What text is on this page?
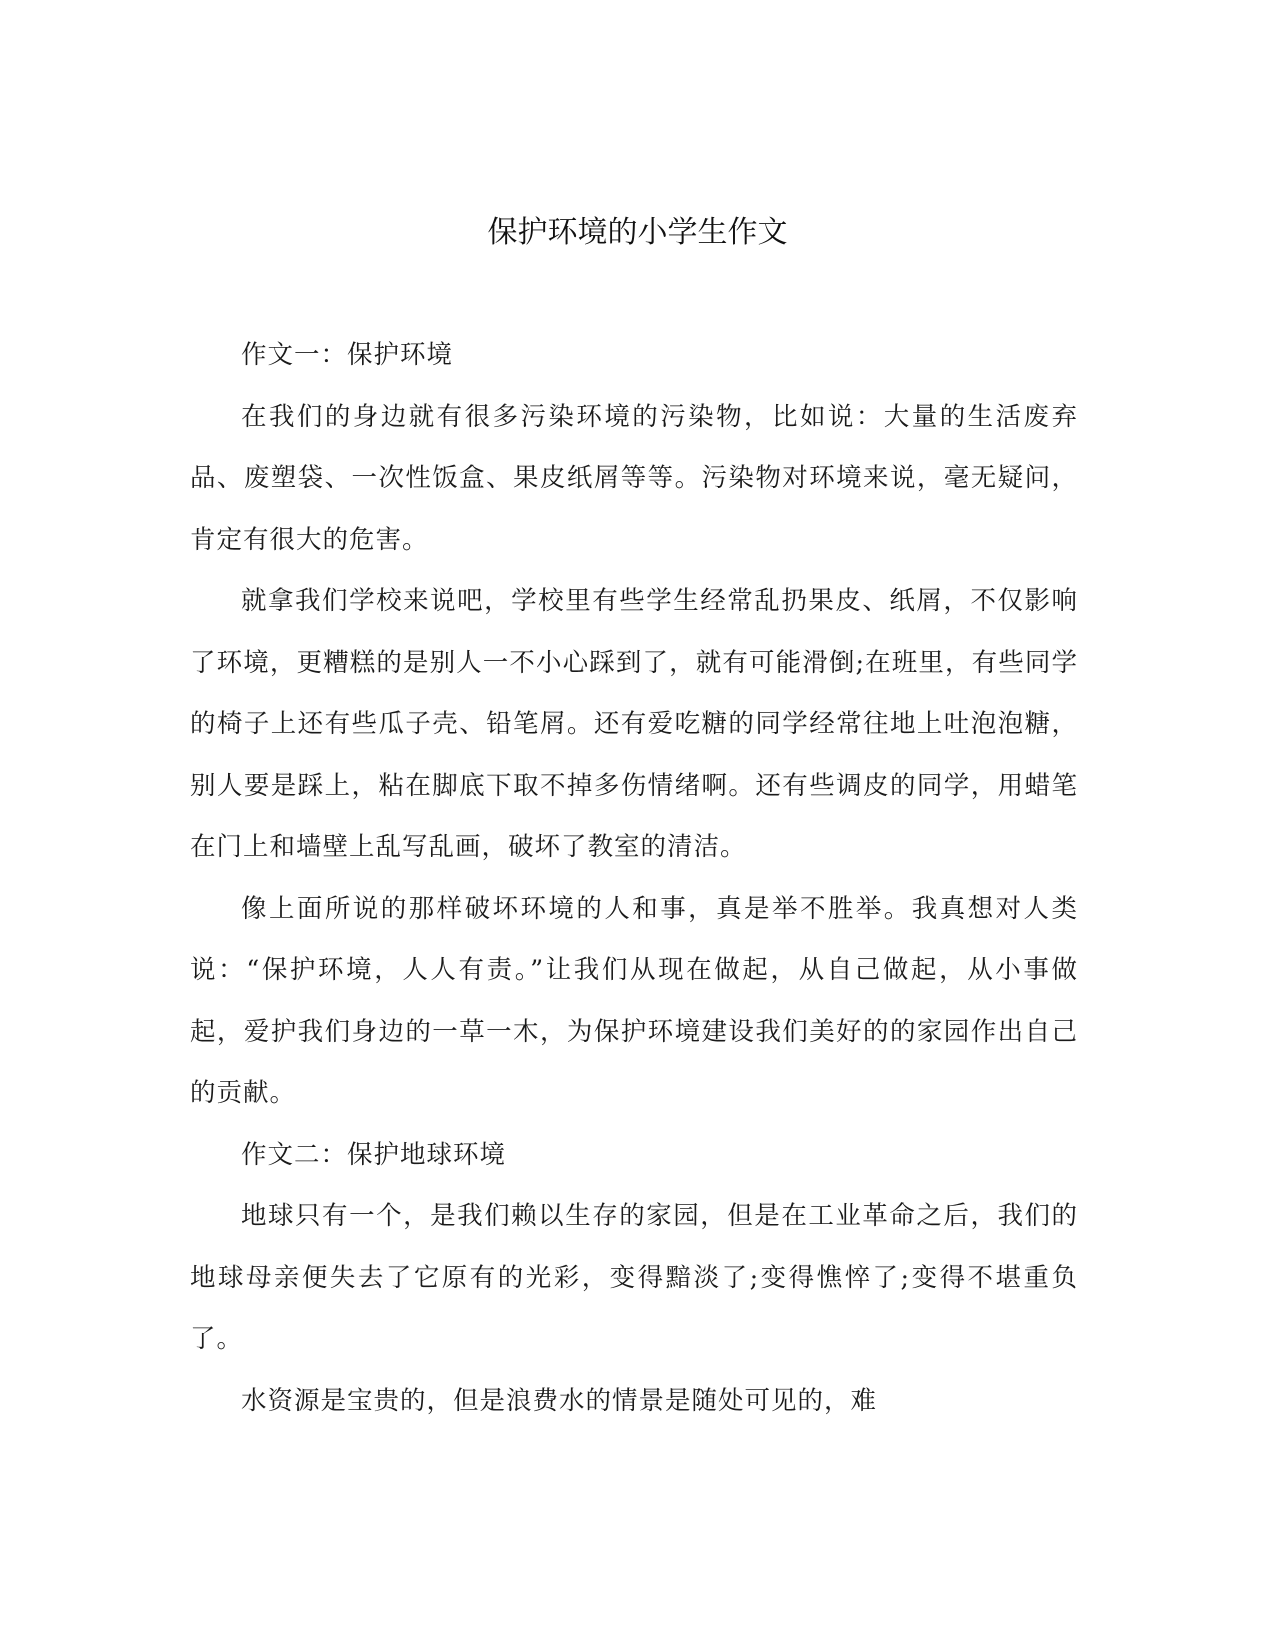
保护环境的小学生作文

作文一：保护环境

在我们的身边就有很多污染环境的污染物，比如说：大量的生活废弃品、废塑袋、一次性饭盒、果皮纸屑等等。污染物对环境来说，毫无疑问，肯定有很大的危害。

就拿我们学校来说吧，学校里有些学生经常乱扔果皮、纸屑，不仅影响了环境，更糟糕的是别人一不小心踩到了，就有可能滑倒;在班里，有些同学的椅子上还有些瓜子壳、铅笔屑。还有爱吃糖的同学经常往地上吐泡泡糖，别人要是踩上，粘在脚底下取不掉多伤情绪啊。还有些调皮的同学，用蜡笔在门上和墙壁上乱写乱画，破坏了教室的清洁。

像上面所说的那样破坏环境的人和事，真是举不胜举。我真想对人类说：“保护环境，人人有责。”让我们从现在做起，从自己做起，从小事做起，爱护我们身边的一草一木，为保护环境建设我们美好的的家园作出自己的贡献。

作文二：保护地球环境

地球只有一个，是我们赖以生存的家园，但是在工业革命之后，我们的地球母亲便失去了它原有的光彩，变得黯淡了;变得憔悴了;变得不堪重负了。

水资源是宝贵的，但是浪费水的情景是随处可见的，难
